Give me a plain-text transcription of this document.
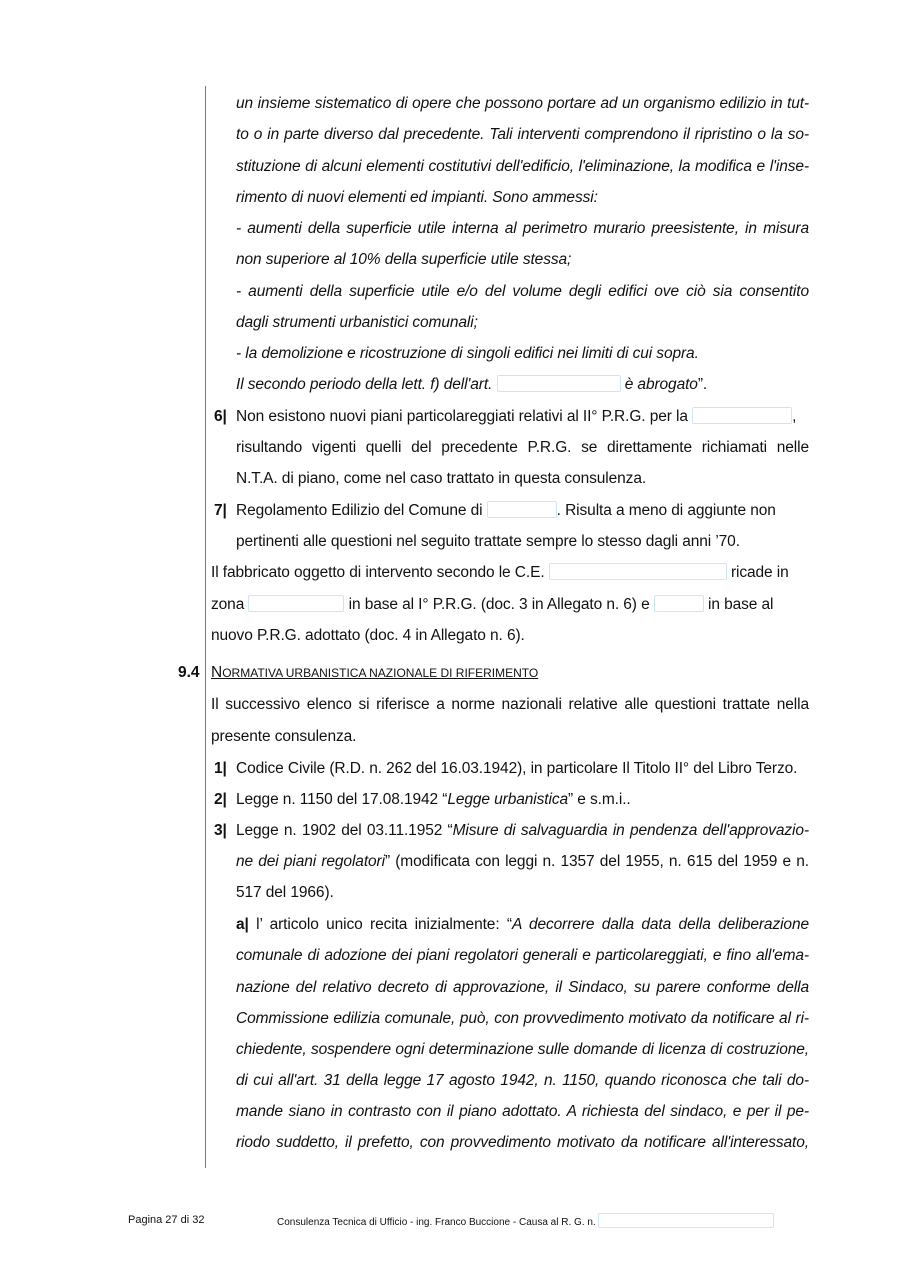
un insieme sistematico di opere che possono portare ad un organismo edilizio in tut-
to o in parte diverso dal precedente. Tali interventi comprendono il ripristino o la so-
stituzione di alcuni elementi costitutivi dell'edificio, l'eliminazione, la modifica e l'inse-
rimento di nuovi elementi ed impianti. Sono ammessi:
- aumenti della superficie utile interna al perimetro murario preesistente, in misura
non superiore al 10% della superficie utile stessa;
- aumenti della superficie utile e/o del volume degli edifici ove ciò sia consentito
dagli strumenti urbanistici comunali;
- la demolizione e ricostruzione di singoli edifici nei limiti di cui sopra.
Il secondo periodo della lett. f) dell'art.	è abrogato”.
6| Non esistono nuovi piani particolareggiati relativi al II° P.R.G. per la	,
risultando vigenti quelli del precedente P.R.G. se direttamente richiamati nelle
N.T.A. di piano, come nel caso trattato in questa consulenza.
7| Regolamento Edilizio del Comune di	. Risulta a meno di aggiunte non
pertinenti alle questioni nel seguito trattate sempre lo stesso dagli anni ’70.
Il fabbricato oggetto di intervento secondo le C.E.	ricade in
zona	in base al I° P.R.G. (doc. 3 in Allegato n. 6) e	in base al
nuovo P.R.G. adottato (doc. 4 in Allegato n. 6).
9.4 NORMATIVA URBANISTICA NAZIONALE DI RIFERIMENTO
Il successivo elenco si riferisce a norme nazionali relative alle questioni trattate nella
presente consulenza.
1| Codice Civile (R.D. n. 262 del 16.03.1942), in particolare Il Titolo II° del Libro Terzo.
2| Legge n. 1150 del 17.08.1942 “Legge urbanistica” e s.m.i..
3| Legge n. 1902 del 03.11.1952 “Misure di salvaguardia in pendenza dell'approvazio-
ne dei piani regolatori” (modificata con leggi n. 1357 del 1955, n. 615 del 1959 e n.
517 del 1966).
a| l’ articolo unico recita inizialmente: “A decorrere dalla data della deliberazione
comunale di adozione dei piani regolatori generali e particolareggiati, e fino all'ema-
nazione del relativo decreto di approvazione, il Sindaco, su parere conforme della
Commissione edilizia comunale, può, con provvedimento motivato da notificare al ri-
chiedente, sospendere ogni determinazione sulle domande di licenza di costruzione,
di cui all'art. 31 della legge 17 agosto 1942, n. 1150, quando riconosca che tali do-
mande siano in contrasto con il piano adottato. A richiesta del sindaco, e per il pe-
riodo suddetto, il prefetto, con provvedimento motivato da notificare all'interessato,
Pagina 27 di 32	Consulenza Tecnica di Ufficio - ing. Franco Buccione - Causa al R. G. n.
